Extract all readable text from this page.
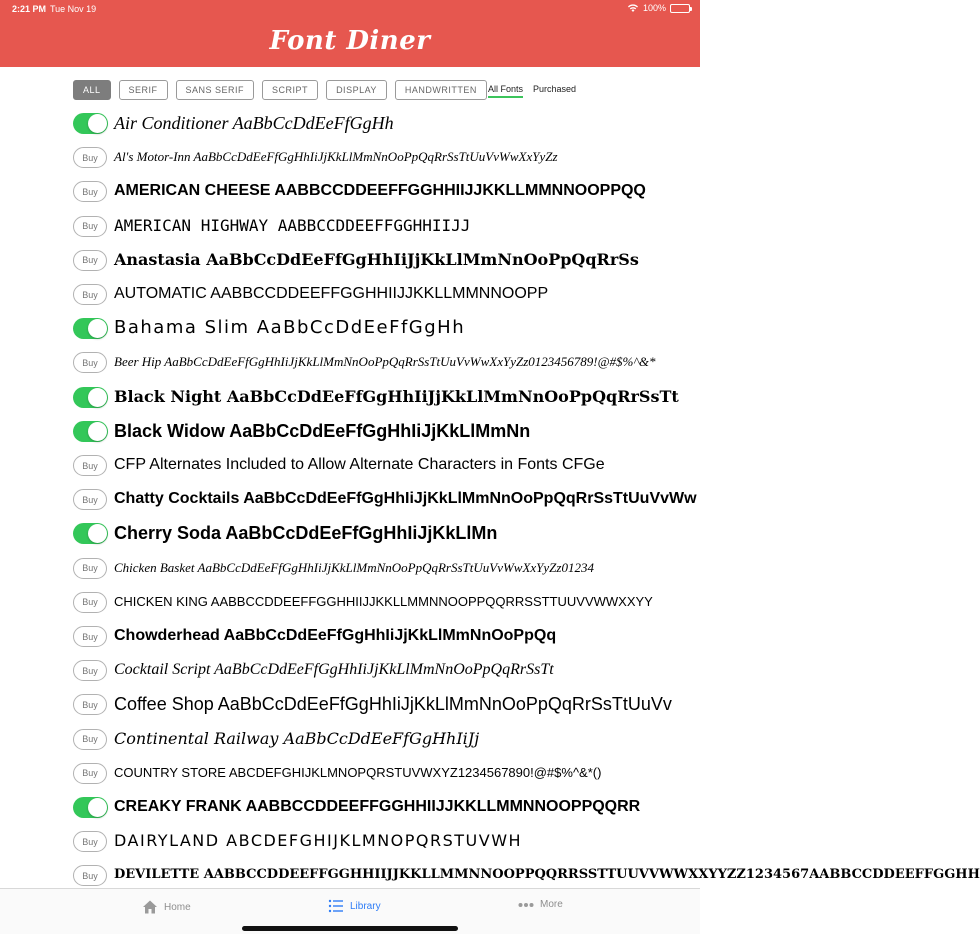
2:21 PM Tue Nov 19	100%
Font Diner
ALL	SERIF	SANS SERIF	SCRIPT	DISPLAY	HANDWRITTEN	All Fonts Purchased
Air Conditioner AaBbCcDdEeFfGgHh
Buy	Al's Motor-Inn AaBbCcDdEeFfGgHhIiJjKkLlMmNnOoPpQqRrSsTtUuVvWwXxYyZz
Buy	AMERICAN CHEESE AABBCCDDEEFFGGHHIIJJKKLLMMNNOOPPQQ
Buy	AMERICAN HIGHWAY AABBCCDDEEFFGGHHIIJJ
Buy	Anastasia AaBbCcDdEeFfGgHhIiJjKkLlMmNnOoPpQqRrSs
Buy	AUTOMATIC AABBCCDDEEFFGGHHIIJJKKLLMMNNOOPP
Bahama Slim AaBbCcDdEeFfGgHh
Buy	Beer Hip AaBbCcDdEeFfGgHhIiJjKkLlMmNnOoPpQqRrSsTtUuVvWwXxYyZz0123456789!@#$%^&*
Black Night AaBbCcDdEeFfGgHhIiJjKkLlMmNnOoPpQqRrSsTt
Black Widow AaBbCcDdEeFfGgHhIiJjKkLlMmNn
Buy	CFP Alternates Included to Allow Alternate Characters in Fonts CFGe
Buy	Chatty Cocktails AaBbCcDdEeFfGgHhIiJjKkLlMmNnOoPpQqRrSsTtUuVvWw
Cherry Soda AaBbCcDdEeFfGgHhIiJjKkLlMn
Buy	Chicken Basket AaBbCcDdEeFfGgHhIiJjKkLlMmNnOoPpQqRrSsTtUuVvWwXxYyZz01234
Buy	CHICKEN KING AABBCCDDEEFFGGHHIIJJKKLLMMNNOOPPQQRRSSTTUUVVWWXXYY
Buy	Chowderhead AaBbCcDdEeFfGgHhIiJjKkLlMmNnOoPpQq
Buy	Cocktail Script AaBbCcDdEeFfGgHhIiJjKkLlMmNnOoPpQqRrSsTt
Buy Coffee Shop AaBbCcDdEeFfGgHhIiJjKkLlMmNnOoPpQqRrSsTtUuVv
Buy	Continental Railway AaBbCcDdEeFfGgHhIiJj
Buy	COUNTRY STORE ABCDEFGHIJKLMNOPQRSTUVWXYZ1234567890!@#$%^&*()
CREAKY FRANK AABBCCDDEEFFGGHHIIJJKKLLMMNNOOPPQQRR
Buy	DAIRYLAND ABCDEFGHIJKLMNOPQRSTUVWH
Buy	DEVILETTE AABBCCDDEEFFGGHHIIJJKKLLMMNNOOPPQQRRSSTTUUVVWWXXYYZZ1234567AABBCCDDEEFFGGHH
Home	Library	More
